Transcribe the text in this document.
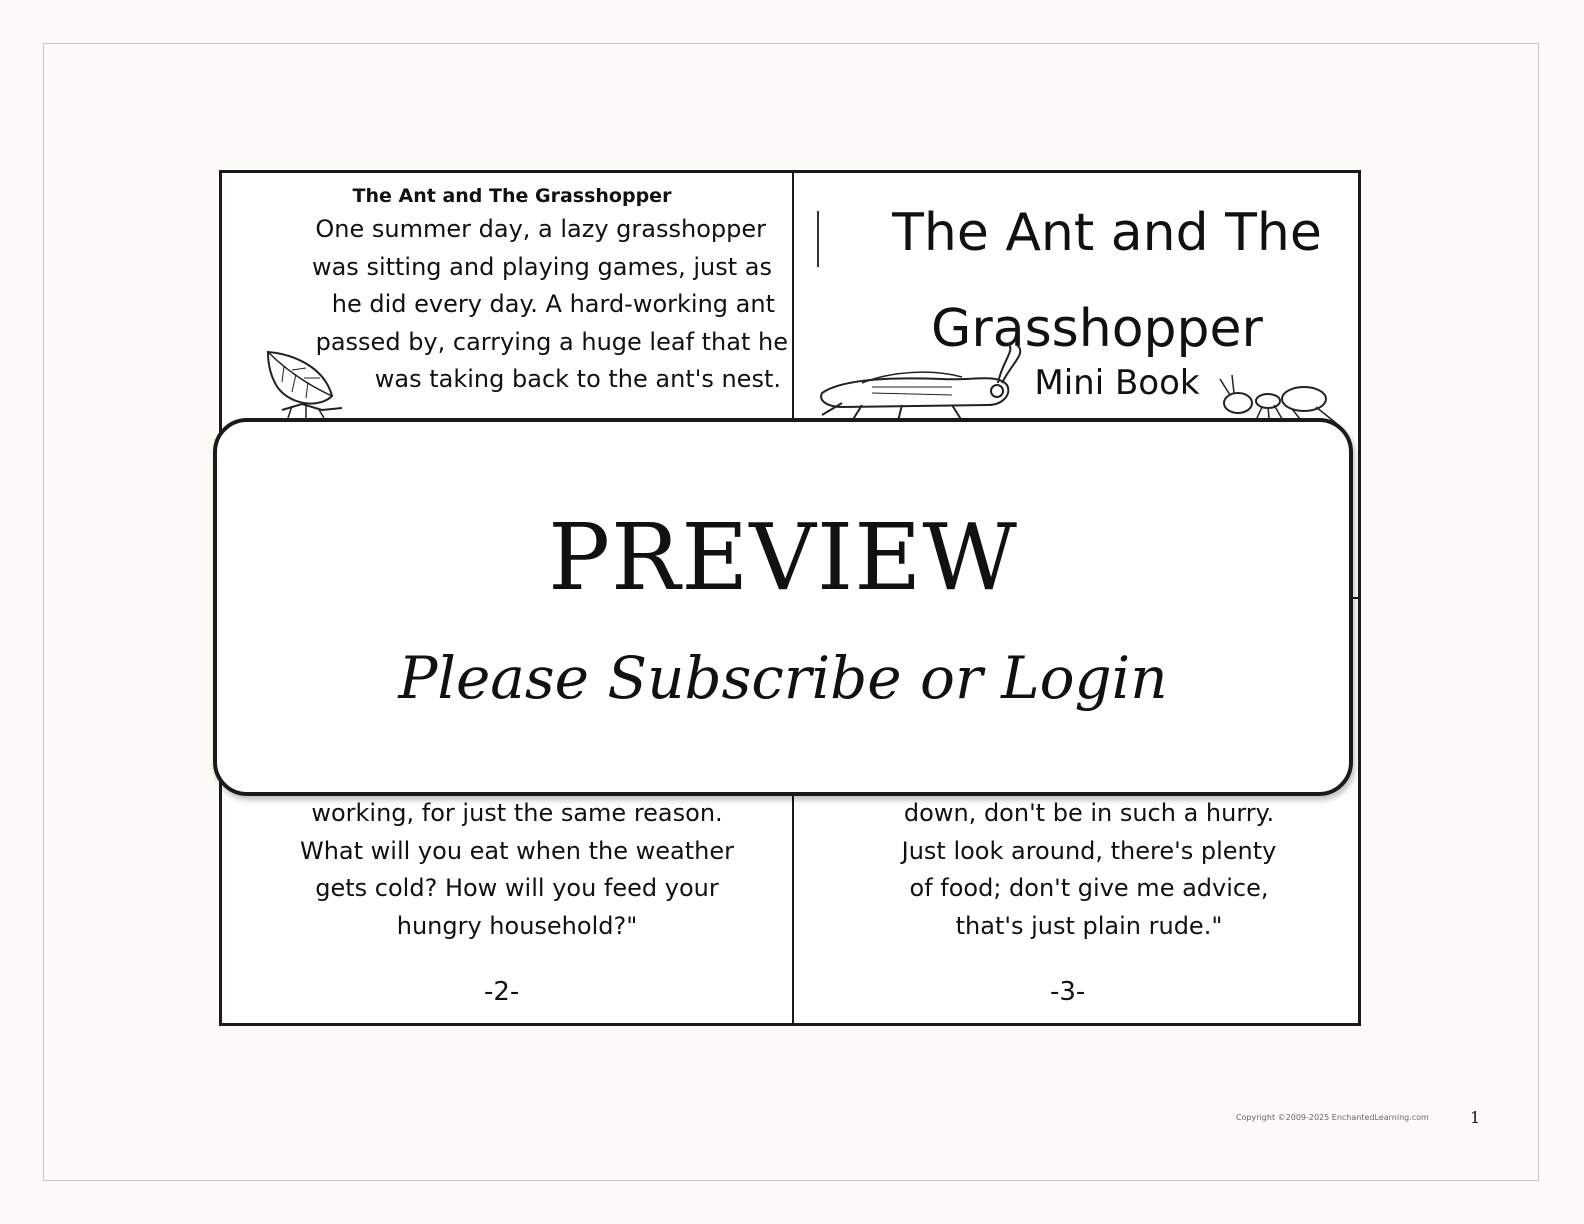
The Ant and The Grasshopper
One summer day, a lazy grasshopper
was sitting and playing games, just as
he did every day. A hard-working ant
passed by, carrying a huge leaf that he
was taking back to the ant's nest.
The Ant and The
Grasshopper
Mini Book
working, for just the same reason.
What will you eat when the weather
gets cold? How will you feed your
hungry household?"
-2-
down, don't be in such a hurry.
Just look around, there's plenty
of food; don't give me advice,
that's just plain rude."
-3-
PREVIEW
Please Subscribe or Login
Copyright ©2009-2025 EnchantedLearning.com	1
